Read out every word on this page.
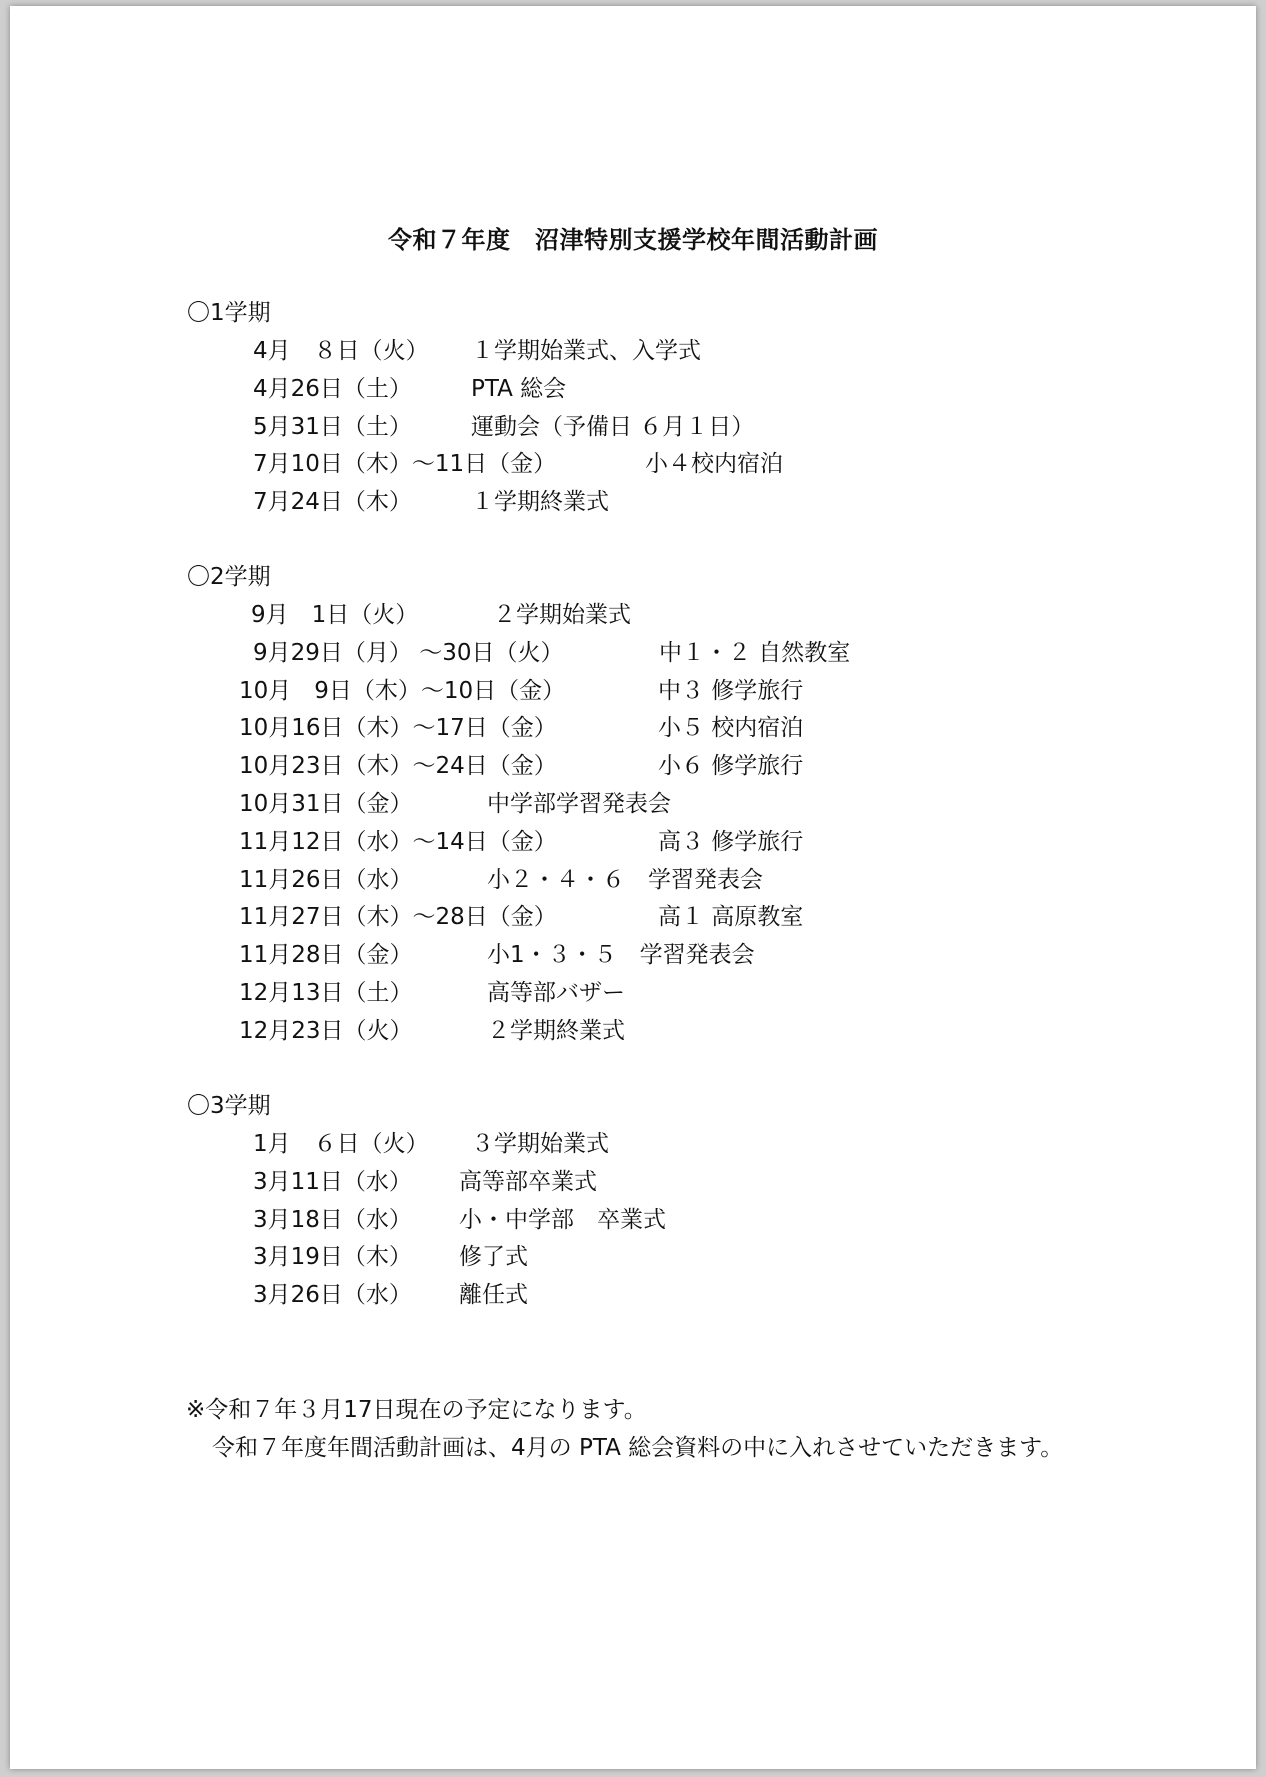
令和７年度　沼津特別支援学校年間活動計画
〇1学期
4月　８日（火） １学期始業式、入学式
4月26日（土）	PTA 総会
5月31日（土）	運動会（予備日 ６月１日）
7月10日（木）～11日（金）	小４校内宿泊
7月24日（木）	１学期終業式
〇2学期
9月　1日（火）	２学期始業式
9月29日（月） ～30日（火）	中１・２ 自然教室
10月　9日（木）～10日（金）	中３ 修学旅行
10月16日（木）～17日（金）	小５ 校内宿泊
10月23日（木）～24日（金）	小６ 修学旅行
10月31日（金）	中学部学習発表会
11月12日（水）～14日（金）	高３ 修学旅行
11月26日（水）	小２・４・６　学習発表会
11月27日（木）～28日（金）	高１ 高原教室
11月28日（金）	小1・３・５　学習発表会
12月13日（土）	高等部バザー
12月23日（火）	２学期終業式
〇3学期
1月　６日（火） ３学期始業式
3月11日（水） 高等部卒業式
3月18日（水） 小・中学部　卒業式
3月19日（木） 修了式
3月26日（水） 離任式
※令和７年３月17日現在の予定になります。
令和７年度年間活動計画は、4月の PTA 総会資料の中に入れさせていただきます。
